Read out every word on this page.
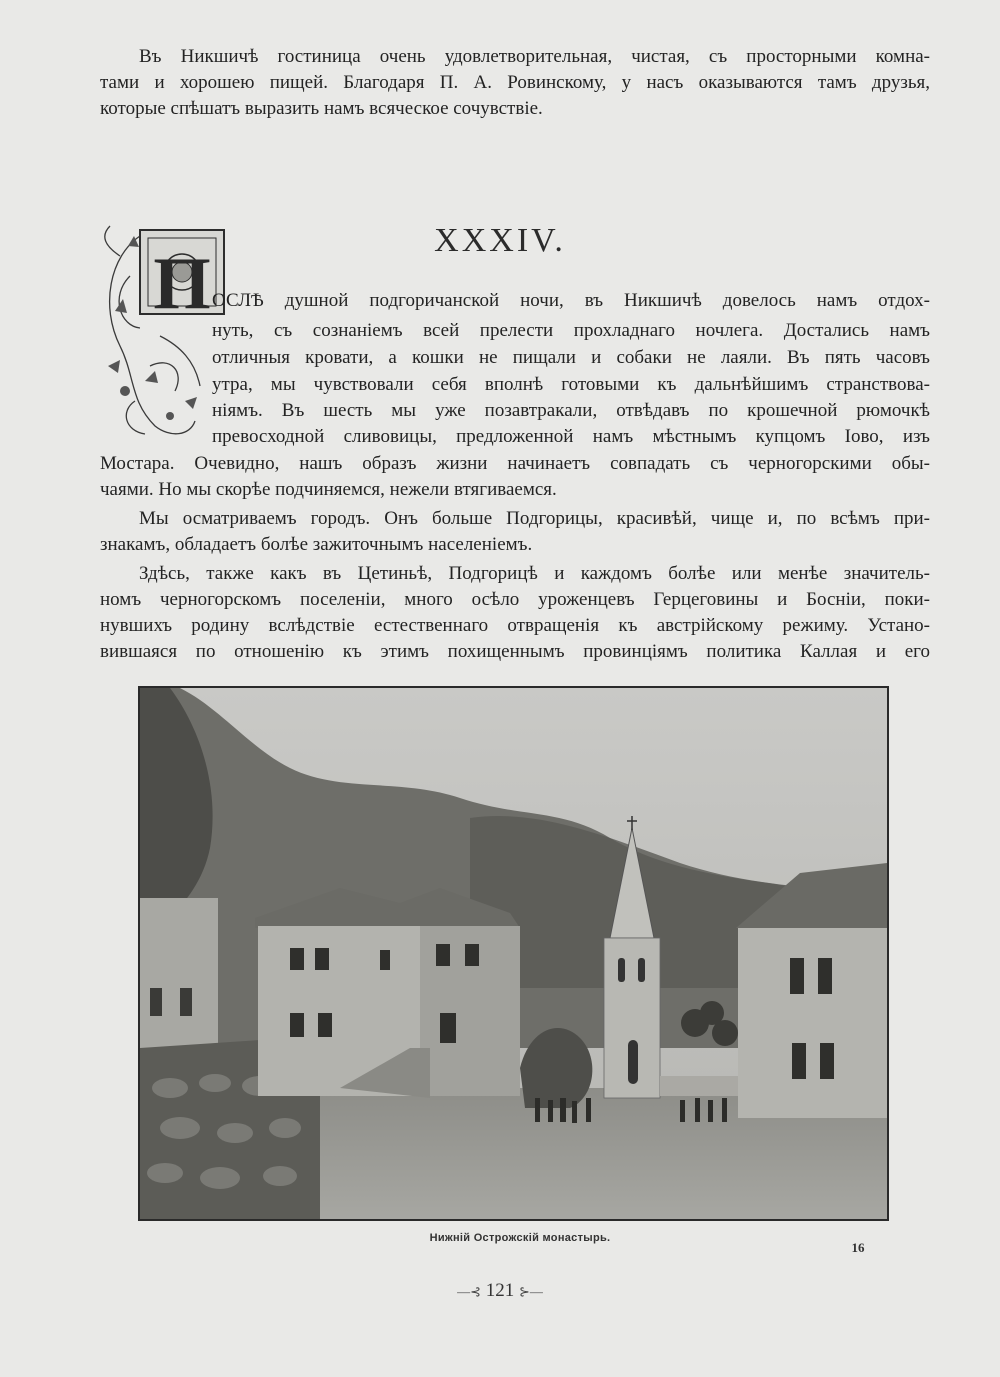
Въ Никшичѣ гостиница очень удовлетворительная, чистая, съ просторными комна-
тами и хорошею пищей. Благодаря П. А. Ровинскому, у насъ оказываются тамъ друзья,
которые спѣшатъ выразить намъ всяческое сочувствіе.
XXXIV.
П ОСЛѢ душной подгоричанской ночи, въ Никшичѣ довелось намъ отдох-
нуть, съ сознаніемъ всей прелести прохладнаго ночлега. Достались намъ
отличныя кровати, а кошки не пищали и собаки не лаяли. Въ пять часовъ
утра, мы чувствовали себя вполнѣ готовыми къ дальнѣйшимъ странствова-
ніямъ. Въ шесть мы уже позавтракали, отвѣдавъ по крошечной рюмочкѣ
превосходной сливовицы, предложенной намъ мѣстнымъ купцомъ Іово, изъ
Мостара. Очевидно, нашъ образъ жизни начинаетъ совпадать съ черногорскими обы-
чаями. Но мы скорѣе подчиняемся, нежели втягиваемся.
Мы осматриваемъ городъ. Онъ больше Подгорицы, красивѣй, чище и, по всѣмъ при-
знакамъ, обладаетъ болѣе зажиточнымъ населеніемъ.
Здѣсь, также какъ въ Цетиньѣ, Подгорицѣ и каждомъ болѣе или менѣе значитель-
номъ черногорскомъ поселеніи, много осѣло уроженцевъ Герцеговины и Босніи, поки-
нувшихъ родину вслѣдствіе естественнаго отвращенія къ австрійскому режиму. Устано-
вившаяся по отношенію къ этимъ похищеннымъ провинціямъ политика Каллая и его
Нижній Острожскій монастырь.
16
—⊰ 121 ⊱—
